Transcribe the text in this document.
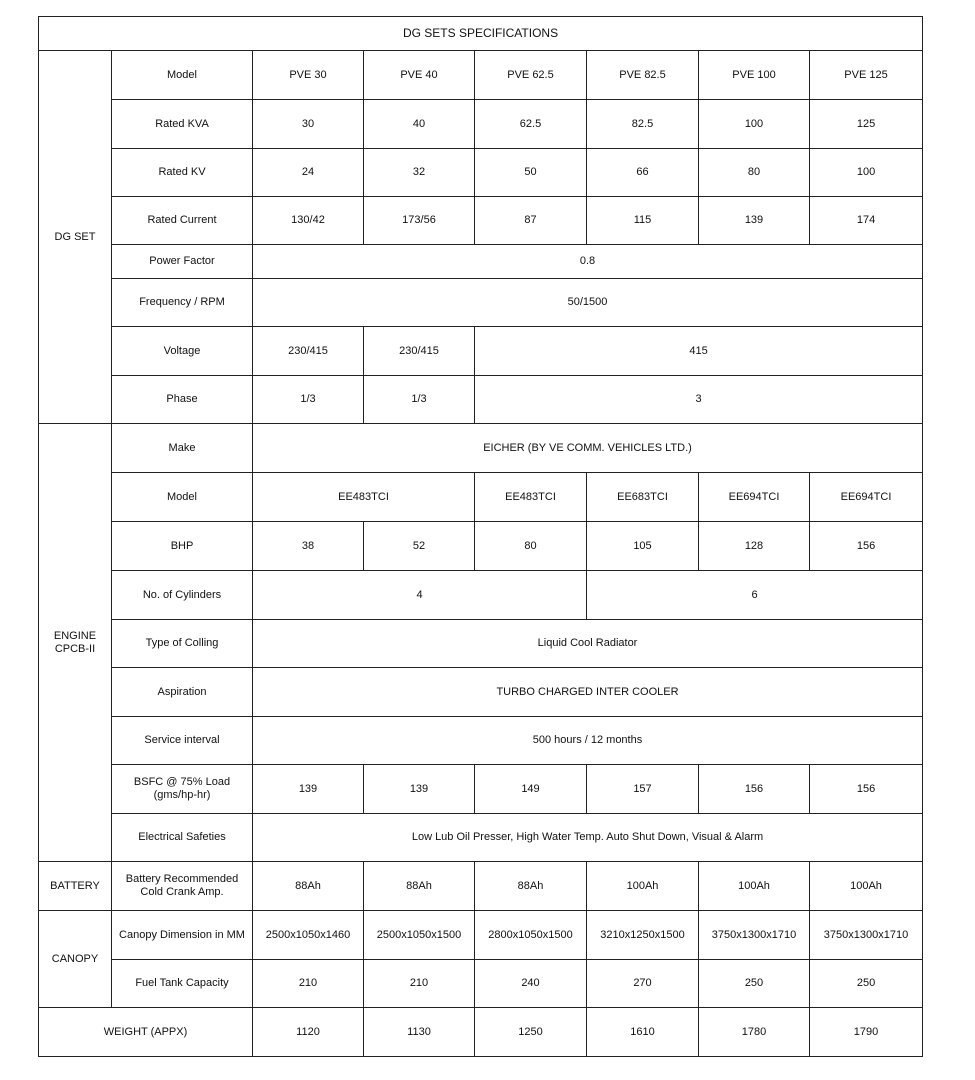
DG SETS SPECIFICATIONS							
DG SET	Model	PVE 30	PVE 40	PVE 62.5	PVE 82.5	PVE 100	PVE 125
	Rated KVA	30	40	62.5	82.5	100	125
	Rated KV	24	32	50	66	80	100
	Rated Current	130/42	173/56	87	115	139	174
	Power Factor	0.8					
	Frequency / RPM	50/1500					
	Voltage	230/415	230/415	415			
	Phase	1/3	1/3	3			
ENGINE CPCB-II	Make	EICHER (BY VE COMM. VEHICLES LTD.)					
	Model	EE483TCI		EE483TCI	EE683TCI	EE694TCI	EE694TCI
	BHP	38	52	80	105	128	156
	No. of Cylinders	4			6		
	Type of Colling	Liquid Cool Radiator					
	Aspiration	TURBO CHARGED INTER COOLER					
	Service interval	500 hours / 12 months					
	BSFC @ 75% Load (gms/hp-hr)	139	139	149	157	156	156
	Electrical Safeties	Low Lub Oil Presser, High Water Temp. Auto Shut Down, Visual & Alarm					
BATTERY	Battery Recommended Cold Crank Amp.	88Ah	88Ah	88Ah	100Ah	100Ah	100Ah
CANOPY	Canopy Dimension in MM	2500x1050x1460	2500x1050x1500	2800x1050x1500	3210x1250x1500	3750x1300x1710	3750x1300x1710
	Fuel Tank Capacity	210	210	240	270	250	250
WEIGHT (APPX)		1120	1130	1250	1610	1780	1790
